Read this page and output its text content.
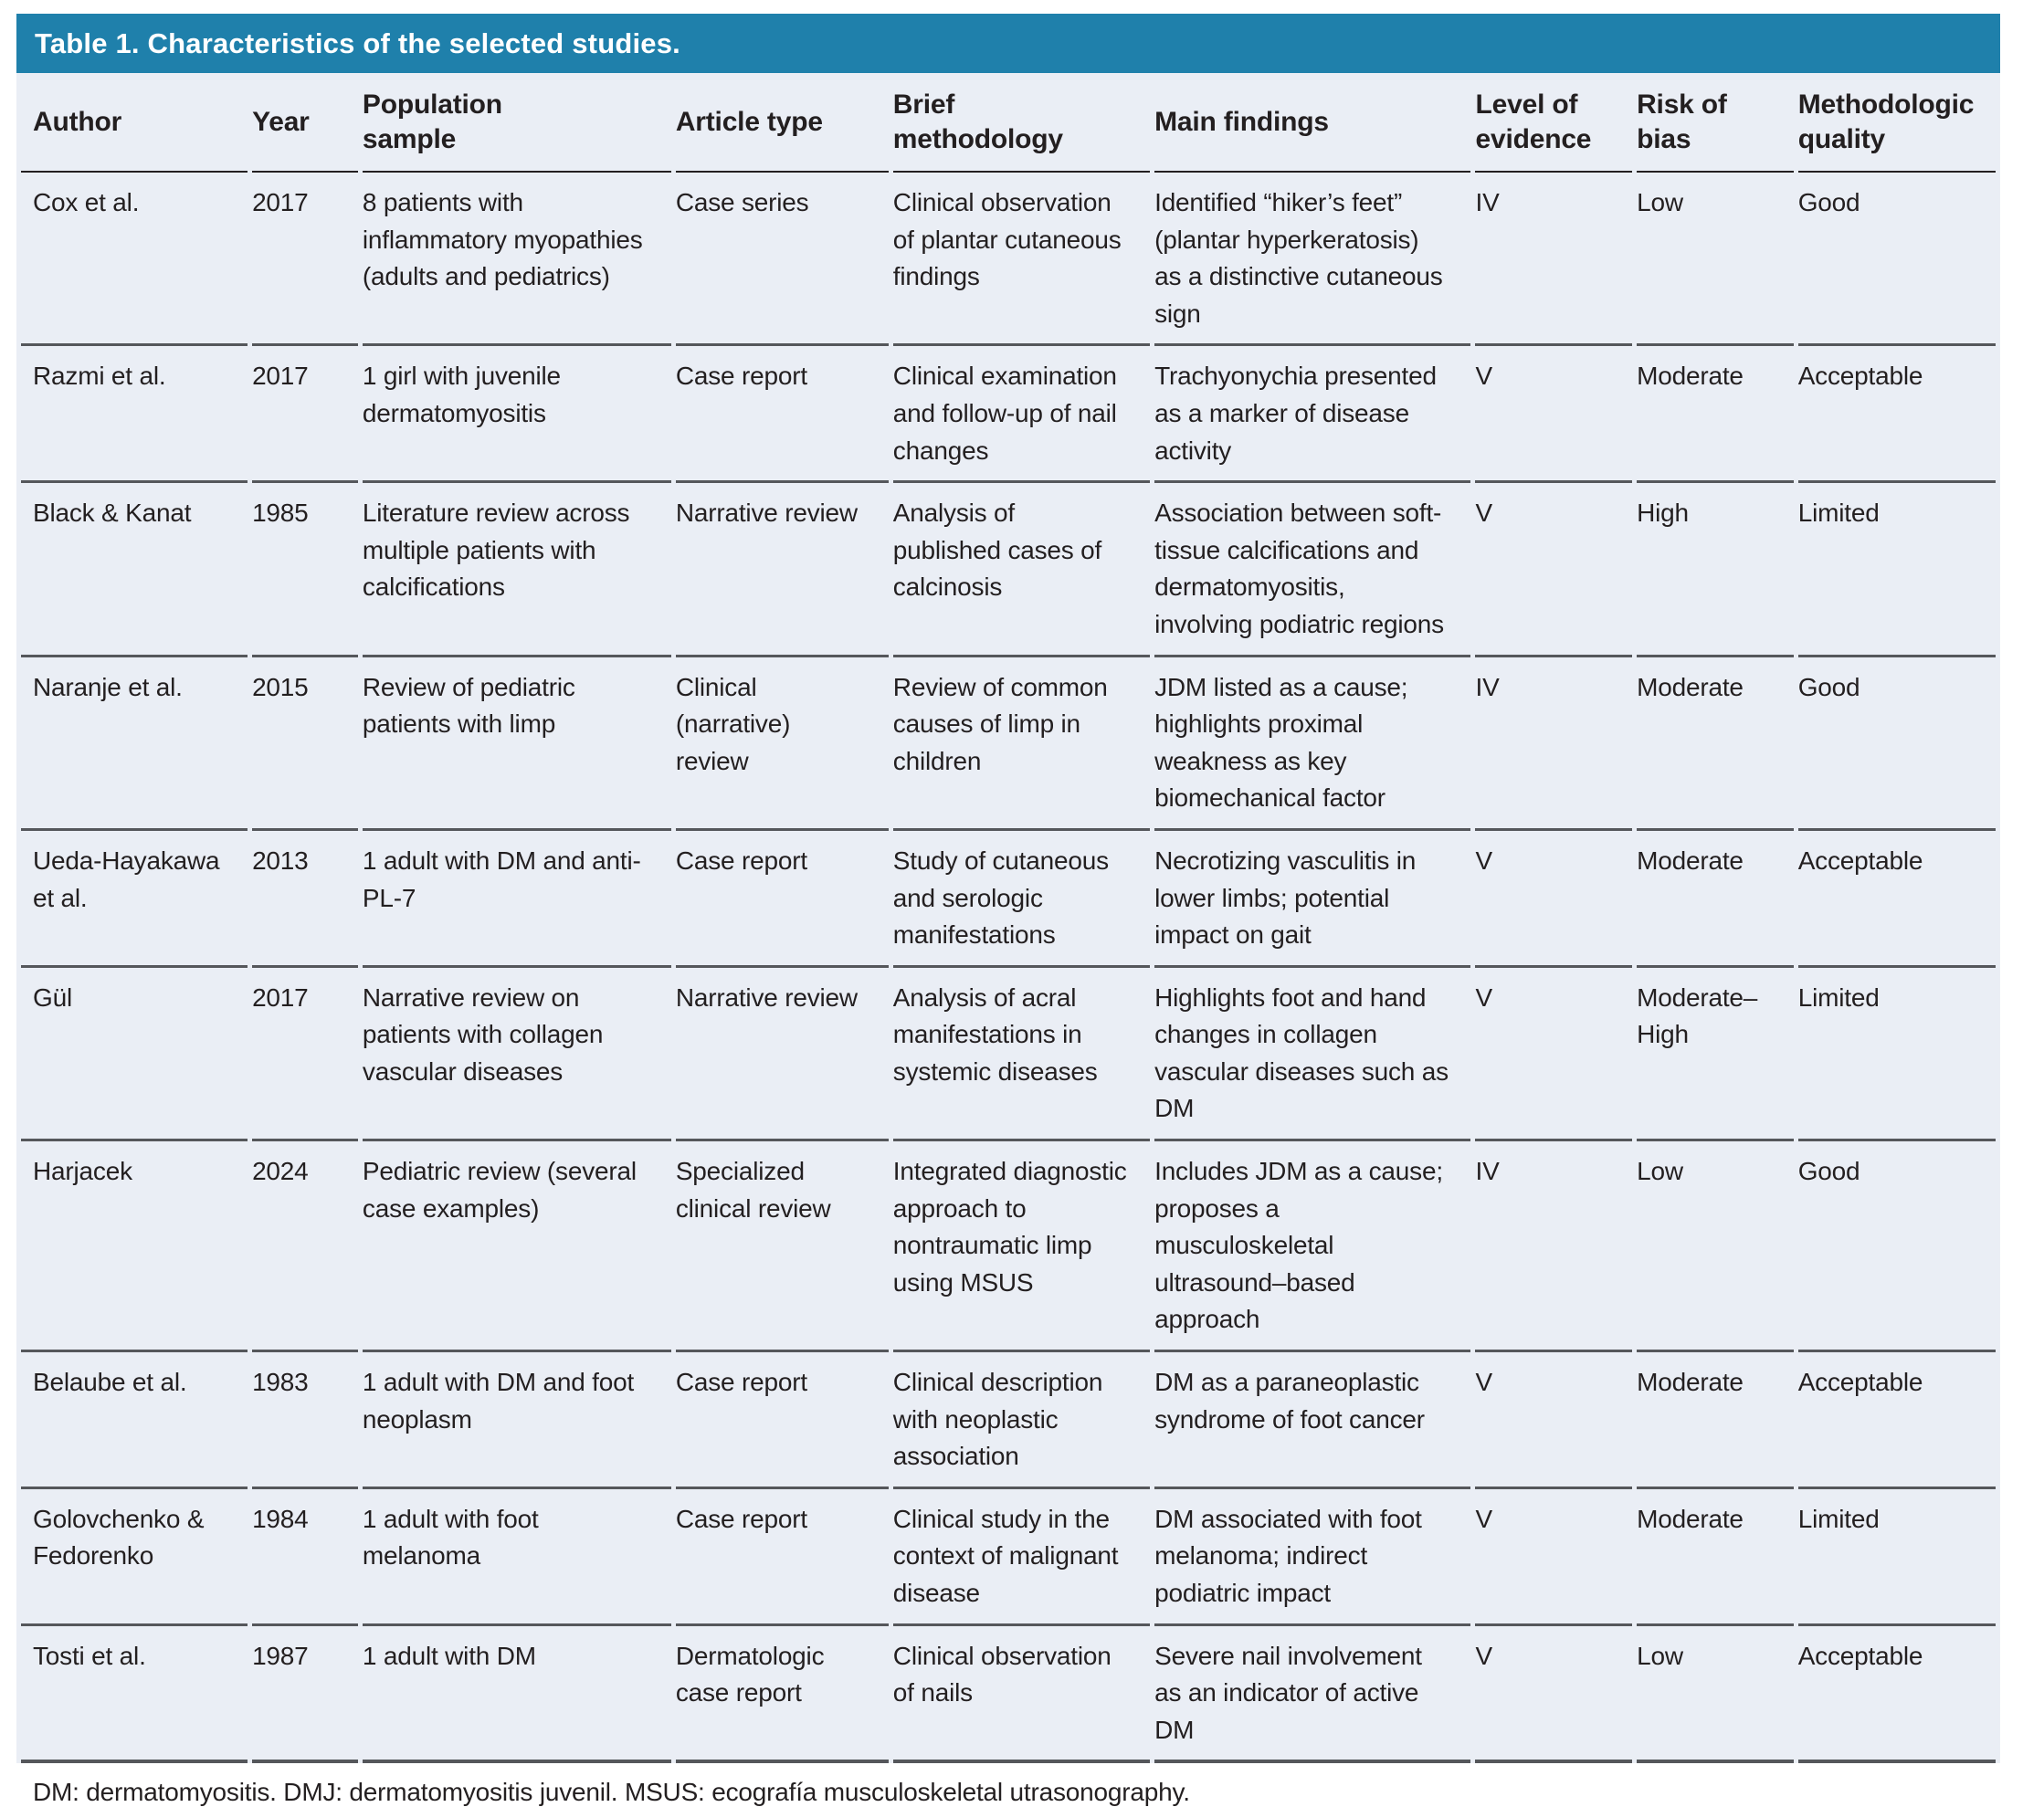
Table 1. Characteristics of the selected studies.
Author	Year	Population sample	Article type	Brief methodology	Main findings	Level of evidence	Risk of bias	Methodologic quality
Cox et al.	2017	8 patients with inflammatory myopathies (adults and pediatrics)	Case series	Clinical observation of plantar cutaneous findings	Identified “hiker’s feet” (plantar hyperkeratosis) as a distinctive cutaneous sign	IV	Low	Good
Razmi et al.	2017	1 girl with juvenile dermatomyositis	Case report	Clinical examination and follow-up of nail changes	Trachyonychia presented as a marker of disease activity	V	Moderate	Acceptable
Black & Kanat	1985	Literature review across multiple patients with calcifications	Narrative review	Analysis of published cases of calcinosis	Association between soft-tissue calcifications and dermatomyositis, involving podiatric regions	V	High	Limited
Naranje et al.	2015	Review of pediatric patients with limp	Clinical (narrative) review	Review of common causes of limp in children	JDM listed as a cause; highlights proximal weakness as key biomechanical factor	IV	Moderate	Good
Ueda-Hayakawa et al.	2013	1 adult with DM and anti-PL-7	Case report	Study of cutaneous and serologic manifestations	Necrotizing vasculitis in lower limbs; potential impact on gait	V	Moderate	Acceptable
Gül	2017	Narrative review on patients with collagen vascular diseases	Narrative review	Analysis of acral manifestations in systemic diseases	Highlights foot and hand changes in collagen vascular diseases such as DM	V	Moderate–High	Limited
Harjacek	2024	Pediatric review (several case examples)	Specialized clinical review	Integrated diagnostic approach to nontraumatic limp using MSUS	Includes JDM as a cause; proposes a musculoskeletal ultrasound–based approach	IV	Low	Good
Belaube et al.	1983	1 adult with DM and foot neoplasm	Case report	Clinical description with neoplastic association	DM as a paraneoplastic syndrome of foot cancer	V	Moderate	Acceptable
Golovchenko & Fedorenko	1984	1 adult with foot melanoma	Case report	Clinical study in the context of malignant disease	DM associated with foot melanoma; indirect podiatric impact	V	Moderate	Limited
Tosti et al.	1987	1 adult with DM	Dermatologic case report	Clinical observation of nails	Severe nail involvement as an indicator of active DM	V	Low	Acceptable
DM: dermatomyositis. DMJ: dermatomyositis juvenil. MSUS: ecografía musculoskeletal utrasonography.
